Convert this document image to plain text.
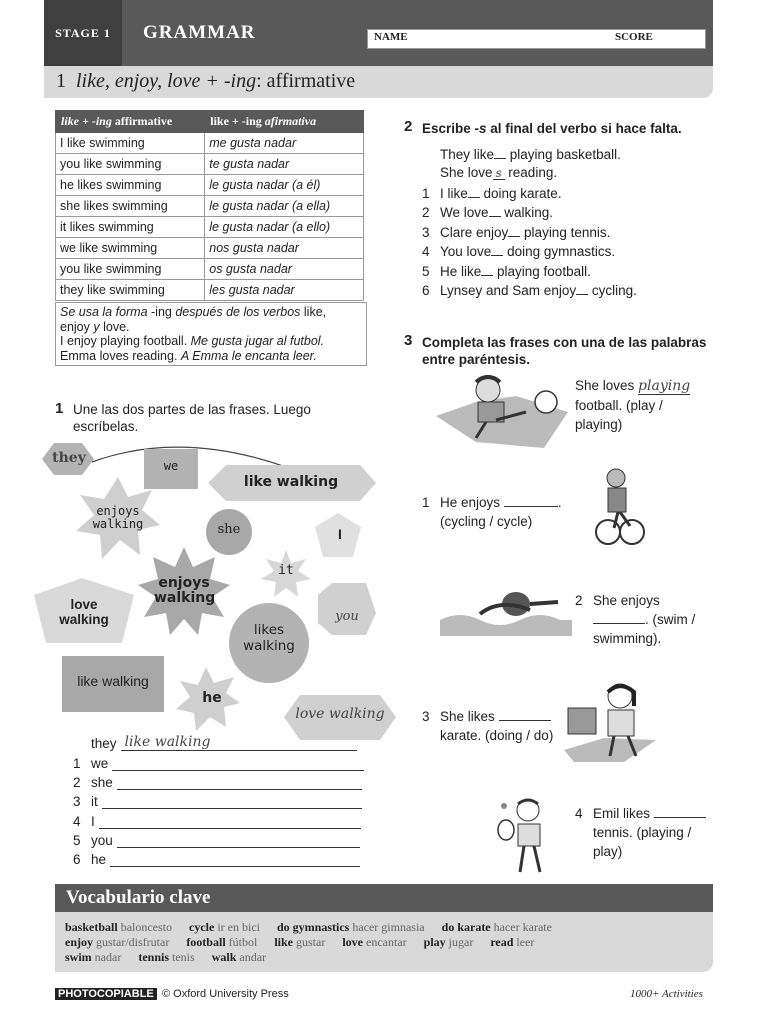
STAGE 1	GRAMMAR	NAME	SCORE
1 like, enjoy, love + -ing: affirmative
like + -ing affirmative	like + -ing afirmativa
I like swimming	me gusta nadar
you like swimming	te gusta nadar
he likes swimming	le gusta nadar (a él)
she likes swimming	le gusta nadar (a ella)
it likes swimming	le gusta nadar (a ello)
we like swimming	nos gusta nadar
you like swimming	os gusta nadar
they like swimming	les gusta nadar
Se usa la forma -ing después de los verbos like,
enjoy y love.
I enjoy playing football. Me gusta jugar al futbol.
Emma loves reading. A Emma le encanta leer.
1 Une las dos partes de las frases. Luego escríbelas.
they	we
like walking
enjoys walking	she	I
it
enjoys walking
love walking	you
likes walking
like walking
he
love walking
they like walking
1 we
2 she
3 it
4 I
5 you
6 he
2 Escribe -s al final del verbo si hace falta.
They like playing basketball.
She love s reading.
1 I like doing karate.
2 We love walking.
3 Clare enjoy playing tennis.
4 You love doing gymnastics.
5 He like playing football.
6 Lynsey and Sam enjoy cycling.
3 Completa las frases con una de las palabras entre paréntesis.
She loves playing
football. (play /
playing)
1 He enjoys	.
(cycling / cycle)
2 She enjoys
. (swim /
swimming).
3 She likes
karate. (doing / do)
4 Emil likes
tennis. (playing /
play)
Vocabulario clave
basketball baloncesto cycle ir en bici do gymnastics hacer gimnasia do karate hacer karate
enjoy gustar/disfrutar football fútbol like gustar love encantar play jugar read leer
swim nadar tennis tenis walk andar
PHOTOCOPIABLE © Oxford University Press	1000+ Activities
